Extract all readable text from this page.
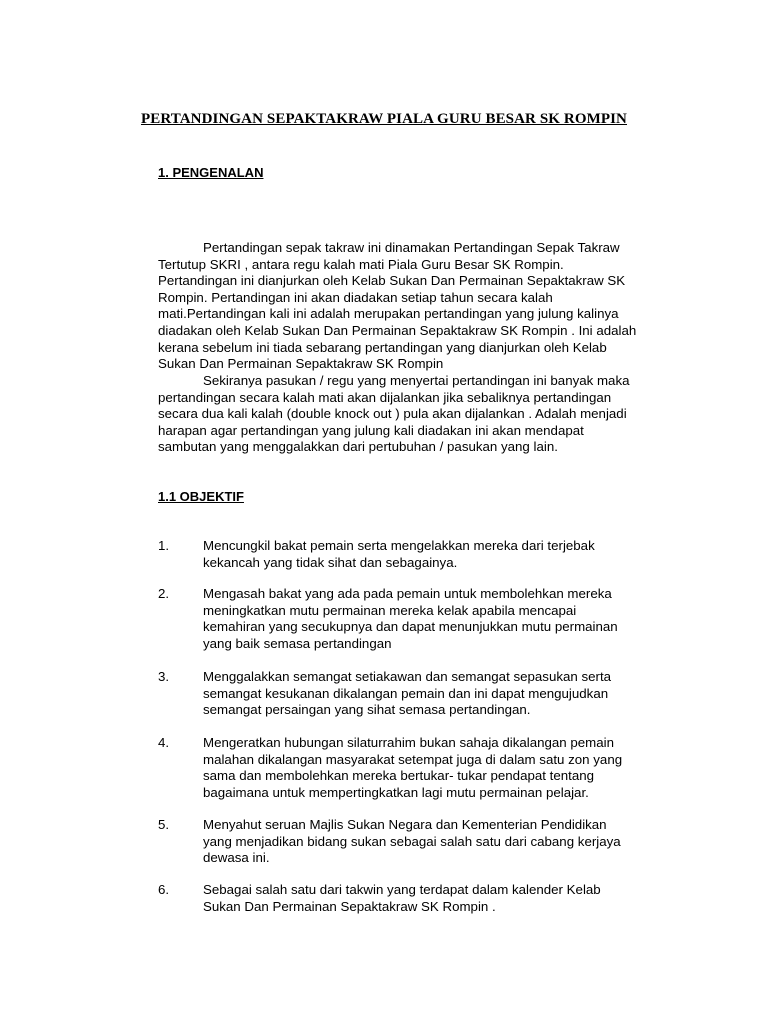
PERTANDINGAN SEPAKTAKRAW PIALA GURU BESAR SK ROMPIN
1. PENGENALAN

Pertandingan sepak takraw ini dinamakan Pertandingan Sepak Takraw
Tertutup SKRI , antara regu kalah mati Piala Guru Besar SK Rompin.
Pertandingan ini dianjurkan oleh Kelab Sukan Dan Permainan Sepaktakraw SK
Rompin. Pertandingan ini akan diadakan setiap tahun secara kalah
mati.Pertandingan kali ini adalah merupakan pertandingan yang julung kalinya
diadakan oleh Kelab Sukan Dan Permainan Sepaktakraw SK Rompin . Ini adalah
kerana sebelum ini tiada sebarang pertandingan yang dianjurkan oleh Kelab
Sukan Dan Permainan Sepaktakraw SK Rompin

Sekiranya pasukan / regu yang menyertai pertandingan ini banyak maka
pertandingan secara kalah mati akan dijalankan jika sebaliknya pertandingan
secara dua kali kalah (double knock out ) pula akan dijalankan . Adalah menjadi
harapan agar pertandingan yang julung kali diadakan ini akan mendapat
sambutan yang menggalakkan dari pertubuhan / pasukan yang lain.

1.1 OBJEKTIF
1.	Mencungkil bakat pemain serta mengelakkan mereka dari terjebak
kekancah yang tidak sihat dan sebagainya.
2.	Mengasah bakat yang ada pada pemain untuk membolehkan mereka
meningkatkan mutu permainan mereka kelak apabila mencapai
kemahiran yang secukupnya dan dapat menunjukkan mutu permainan
yang baik semasa pertandingan
3.	Menggalakkan semangat setiakawan dan semangat sepasukan serta
semangat kesukanan dikalangan pemain dan ini dapat mengujudkan
semangat persaingan yang sihat semasa pertandingan.
4.	Mengeratkan hubungan silaturrahim bukan sahaja dikalangan pemain
malahan dikalangan masyarakat setempat juga di dalam satu zon yang
sama dan membolehkan mereka bertukar- tukar pendapat tentang
bagaimana untuk mempertingkatkan lagi mutu permainan pelajar.
5.	Menyahut seruan Majlis Sukan Negara dan Kementerian Pendidikan
yang menjadikan bidang sukan sebagai salah satu dari cabang kerjaya
dewasa ini.
6.	Sebagai salah satu dari takwin yang terdapat dalam kalender Kelab
Sukan Dan Permainan Sepaktakraw SK Rompin .
